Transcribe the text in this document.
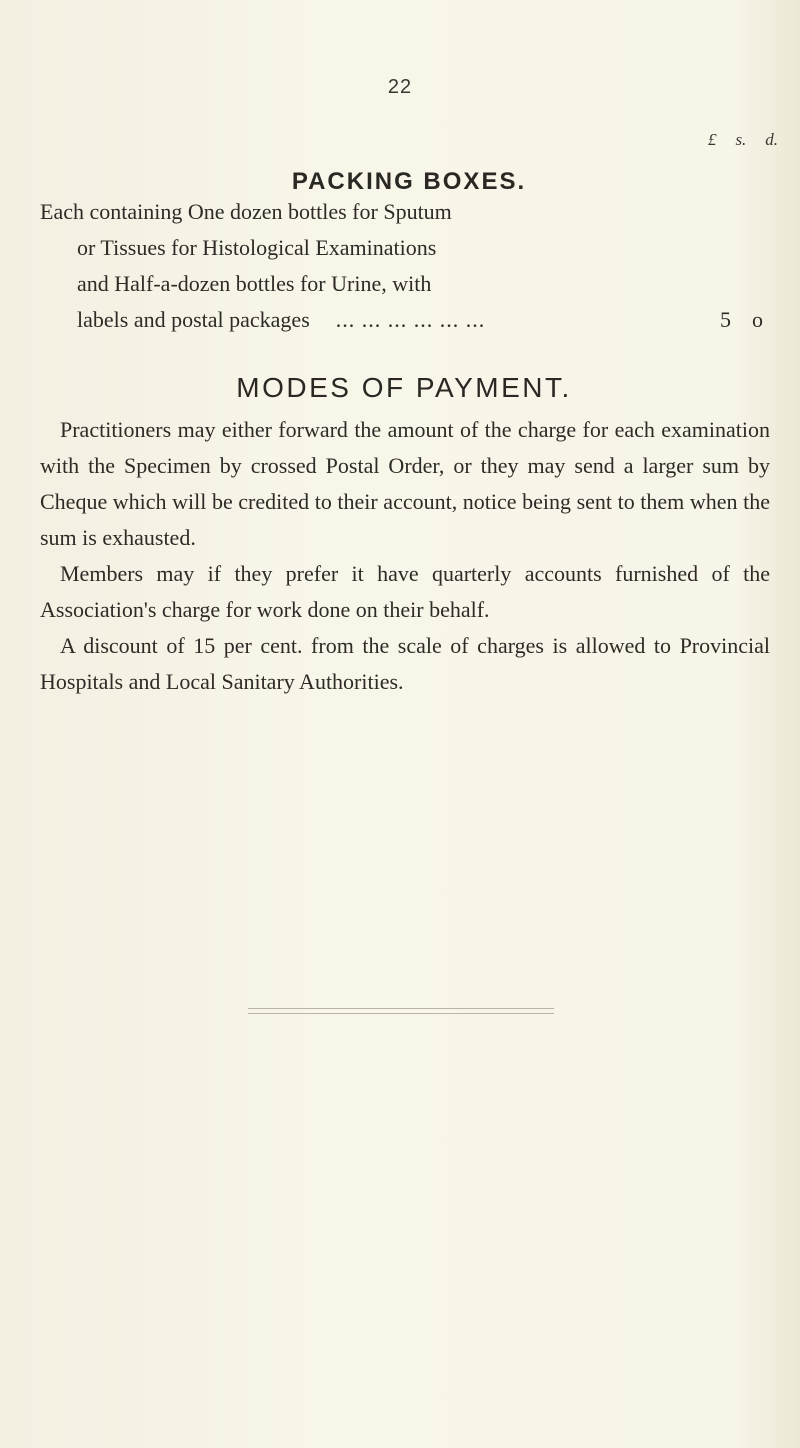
22
£ s. d.
PACKING BOXES.
Each containing One dozen bottles for Sputum
or Tissues for Histological Examinations
and Half-a-dozen bottles for Urine, with
labels and postal packages ... ... ... ... ... ...	5 o
MODES OF PAYMENT.

Practitioners may either forward the amount of the charge for each examination with the Specimen by crossed Postal Order, or they may send a larger sum by Cheque which will be credited to their account, notice being sent to them when the sum is exhausted.

Members may if they prefer it have quarterly accounts furnished of the Association's charge for work done on their behalf.

A discount of 15 per cent. from the scale of charges is allowed to Provincial Hospitals and Local Sanitary Authorities.
